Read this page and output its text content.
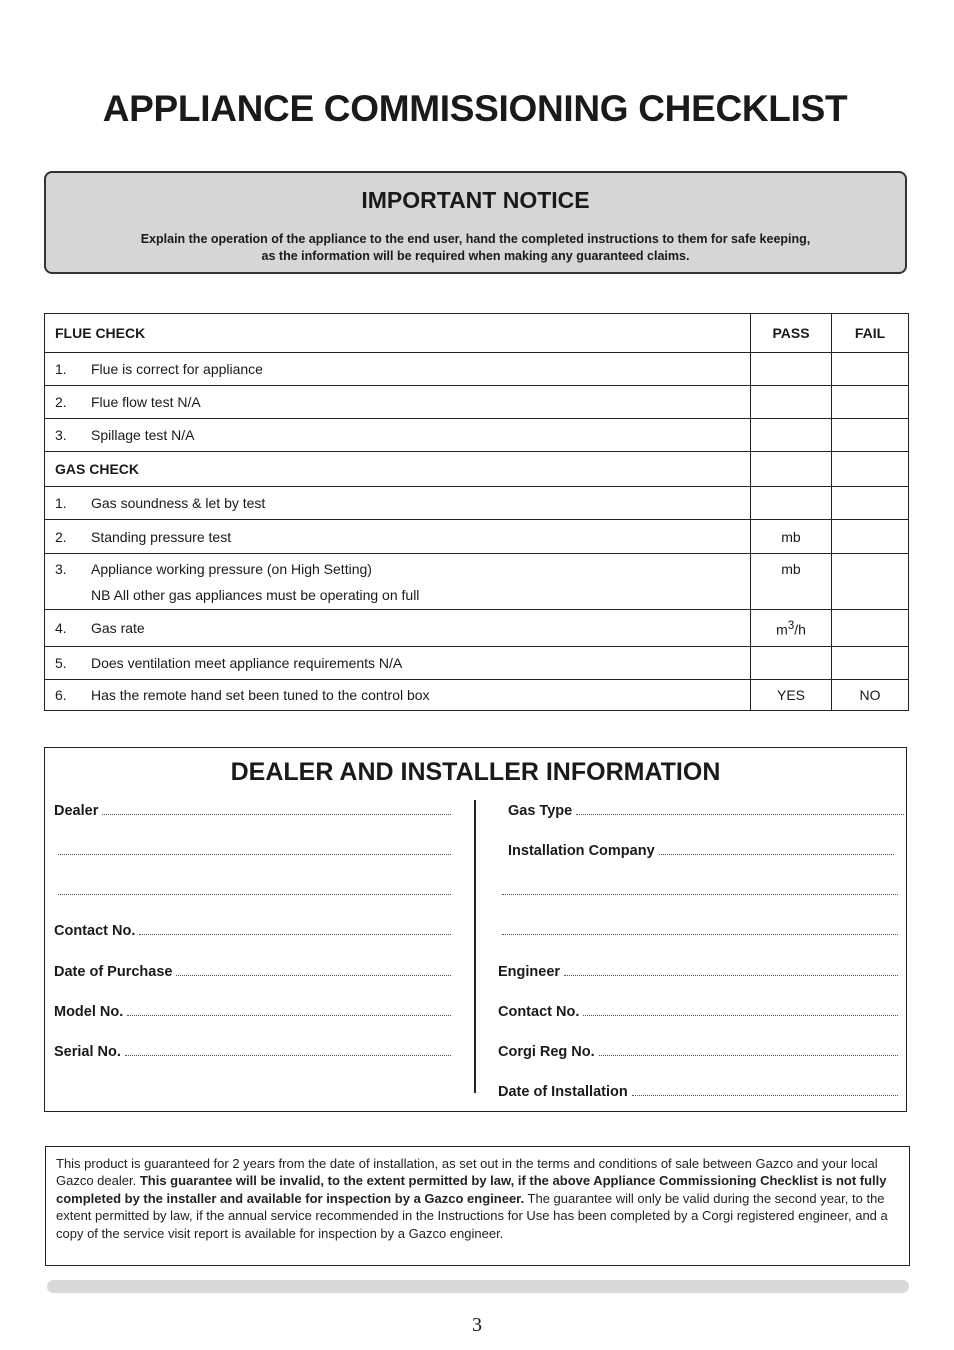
APPLIANCE COMMISSIONING CHECKLIST
IMPORTANT NOTICE
Explain the operation of the appliance to the end user, hand the completed instructions to them for safe keeping,
as the information will be required when making any guaranteed claims.
FLUE CHECK	PASS	FAIL
1. Flue is correct for appliance		
2. Flue flow test N/A		
3. Spillage test N/A		
GAS CHECK		
1. Gas soundness & let by test		
2. Standing pressure test	mb	
3. Appliance working pressure (on High Setting)
NB All other gas appliances must be operating on full	mb	
4. Gas rate	$m^3/h$	
5. Does ventilation meet appliance requirements N/A		
6. Has the remote hand set been tuned to the control box	YES	NO
DEALER AND INSTALLER INFORMATION
Dealer
Contact No.
Date of Purchase
Model No.
Serial No.
Gas Type
Installation Company
Engineer
Contact No.
Corgi Reg No.
Date of Installation
This product is guaranteed for 2 years from the date of installation, as set out in the terms and conditions of sale between Gazco and your local Gazco dealer. This guarantee will be invalid, to the extent permitted by law, if the above Appliance Commissioning Checklist is not fully completed by the installer and available for inspection by a Gazco engineer. The guarantee will only be valid during the second year, to the extent permitted by law, if the annual service recommended in the Instructions for Use has been completed by a Corgi registered engineer, and a copy of the service visit report is available for inspection by a Gazco engineer.
3
